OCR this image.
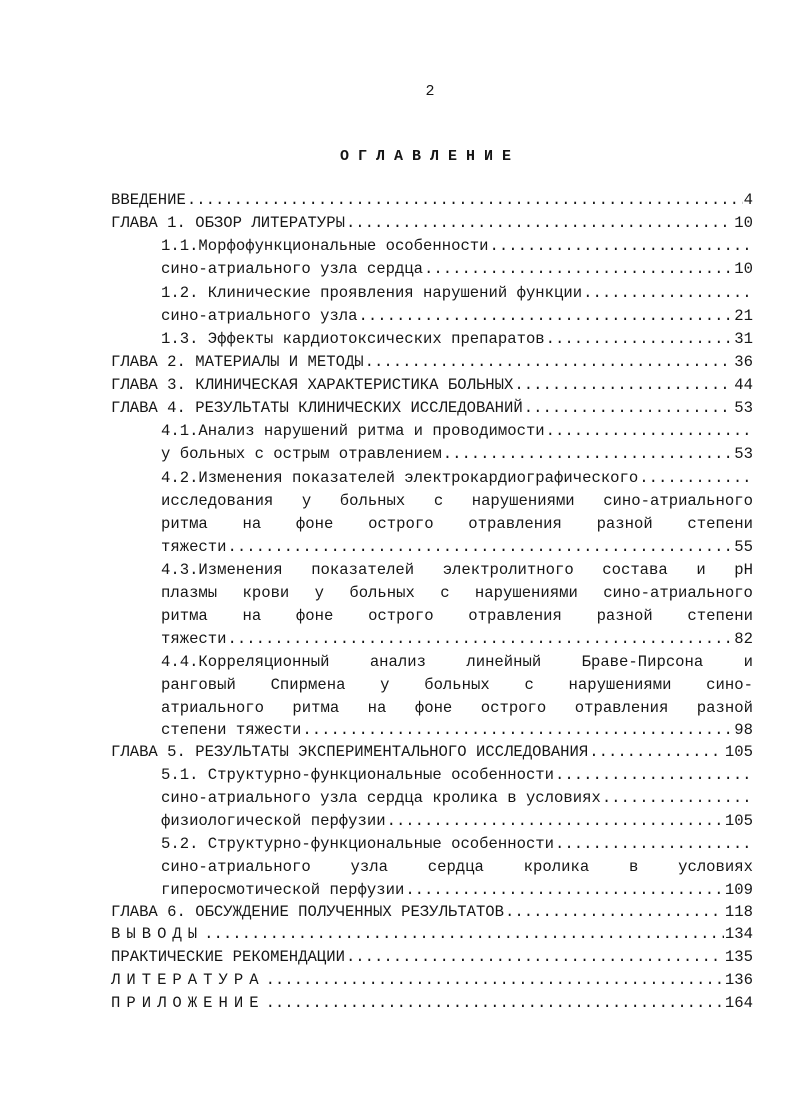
2
ОГЛАВЛЕНИЕ
ВВЕДЕНИЕ .....	4
ГЛАВА 1. ОБЗОР ЛИТЕРАТУРЫ .....	10
1.1.Морфофункциональные особенности
.....
сино-атриального узла сердца .....	10
1.2. Клинические проявления нарушений функции
.....
сино-атриального узла .....	21
1.3. Эффекты кардиотоксических препаратов .....	31
ГЛАВА 2. МАТЕРИАЛЫ И МЕТОДЫ .....	36
ГЛАВА 3. КЛИНИЧЕСКАЯ ХАРАКТЕРИСТИКА БОЛЬНЫХ .....	44
ГЛАВА 4. РЕЗУЛЬТАТЫ КЛИНИЧЕСКИХ ИССЛЕДОВАНИЙ .....	53
4.1.Анализ нарушений ритма и проводимости
.....
у больных с острым отравлением .....	53
4.2.Изменения показателей электрокардиографического
.....
исследования у больных с нарушениями сино-атриального
ритма на фоне острого отравления разной степени
тяжести .....	55
4.3.Изменения показателей электролитного состава и рН
плазмы крови у больных с нарушениями сино-атриального
ритма на фоне острого отравления разной степени
тяжести .....	82
4.4.Корреляционный	анализ	линейный	Браве-Пирсона	и
ранговый Спирмена у больных с нарушениями сино-
атриального ритма на фоне острого отравления разной
степени тяжести .....	98
ГЛАВА 5. РЕЗУЛЬТАТЫ ЭКСПЕРИМЕНТАЛЬНОГО ИССЛЕДОВАНИЯ .....	105
5.1. Структурно-функциональные особенности
.....
сино-атриального узла сердца кролика в условиях
.....
физиологической перфузии .....	105
5.2. Структурно-функциональные особенности
.....
сино-атриального	узла	сердца	кролика	в	условиях
гиперосмотической перфузии .....	109
ГЛАВА 6. ОБСУЖДЕНИЕ ПОЛУЧЕННЫХ РЕЗУЛЬТАТОВ .....	118
ВЫВОДЫ .....	134
ПРАКТИЧЕСКИЕ РЕКОМЕНДАЦИИ .....	135
ЛИТЕРАТУРА .....	136
ПРИЛОЖЕНИЕ .....	164
